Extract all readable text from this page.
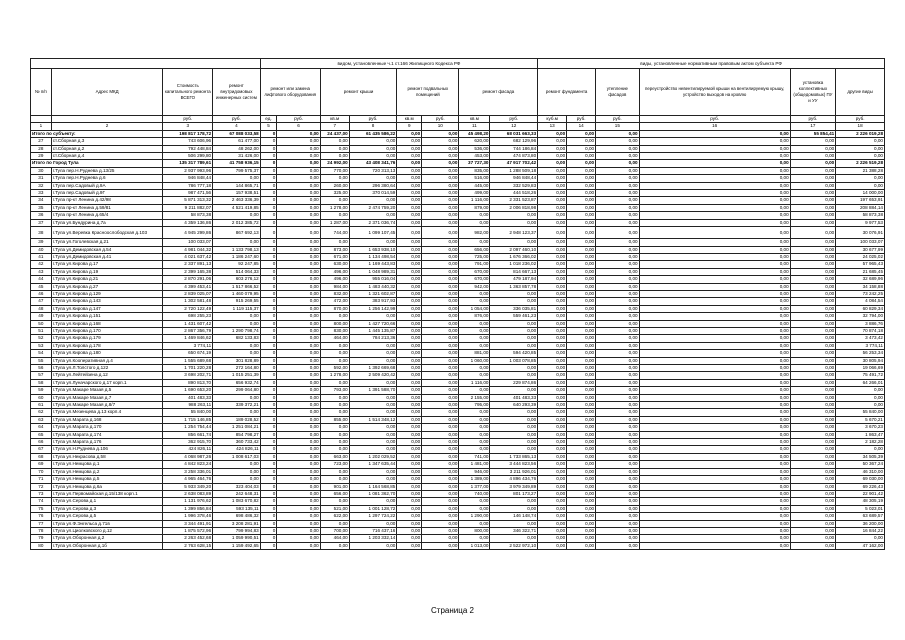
				видом, установленные ч.1 ст.166 Жилищного Кодекса РФ								виды, установленные нормативным правовым актом субъекта РФ					
№ п/п	Адрес МКД	Стоимость капитального ремонта ВСЕГО	ремонт внутридомовых инженерных систем	ремонт или замена лифтового оборудования		ремонт крыши		ремонт подвальных помещений		ремонт фасада		ремонт фундамента		утепление фасадов	переустройство невентилируемой крыши на вентилируемую крышу, устройство выходов на кровлю	установка коллективных (общедомовых) ПУ и УУ	другие виды
		руб.	руб.	ед.	руб.	кв.м	руб.	кв.м	руб.	кв.м	руб.	куб.м	руб.	руб.	руб.	руб.	руб.
1	2	3	4	5	6	7	8	9	10	11	12	13	14	15	16	17	18
Итого по субъекту:		198 817 178,72	67 088 033,58	0	0,00	24 437,00	61 435 586,22	0,00	0,00	45 498,20	68 031 663,33	0,00	0,00	0,00	0,00	55 854,41	2 226 019,28
27	ст.Сборная д.3	743 606,96	61 477,00	0	0,00	0,00	0,00	0,00	0,00	620,00	682 129,96	0,00	0,00	0,00	0,00	0,00	0,00
28	ст.Сборная д.2	792 448,84	48 262,00	0	0,00	0,00	0,00	0,00	0,00	536,00	744 186,84	0,00	0,00	0,00	0,00	0,00	0,00
29	ст.Сборная д.4	506 299,80	31 426,00	0	0,00	0,00	0,00	0,00	0,00	453,00	474 873,80	0,00	0,00	0,00	0,00	0,00	0,00
Итого по Город Тула		135 317 789,61	41 758 936,15	0	0,00	24 992,00	43 408 341,76	0,00	0,00	37 727,30	47 917 702,42	0,00	0,00	0,00	0,00	0,00	2 226 519,28
30	г.Тула пер.Н.Руднева д.13/25	2 937 993,96	799 575,37	0	0,00	770,00	720 313,13	0,00	0,00	835,00	1 288 509,18	0,00	0,00	0,00	0,00	0,00	21 388,28
31	г.Тула пер.Н.Руднева д.6	946 848,44	0,00	0	0,00	0,00	0,00	0,00	0,00	516,00	946 848,44	0,00	0,00	0,00	0,00	0,00	0,00
32	г.Тула пер.Садовый д.9А	786 777,18	144 865,71	0	0,00	260,00	296 380,64	0,00	0,00	445,00	332 529,83	0,00	0,00	0,00	0,00	0,00	0,00
33	г.Тула пер.Садовый д.9Г	987 471,56	157 938,51	0	0,00	325,00	370 014,59	0,00	0,00	499,00	444 518,26	0,00	0,00	0,00	0,00	0,00	14 000,00
34	г.Тула пр-кт Ленина д.42/98	5 871 313,32	2 463 336,39	0	0,00	0,00	0,00	0,00	0,00	1 116,00	2 331 523,87	0,00	0,00	0,00	0,00	0,00	197 653,91
35	г.Тула пр-кт Ленина д.59/81	9 211 882,07	4 521 419,85	0	0,00	1 278,00	2 474 759,20	0,00	0,00	879,00	2 006 818,98	0,00	0,00	0,00	0,00	0,00	208 884,14
36	г.Тула пр-кт Ленина д.65/4	58 873,38	0,00	0	0,00	0,00	0,00	0,00	0,00	0,00	0,00	0,00	0,00	0,00	0,00	0,00	58 873,38
37	г.Тула ул.Бундурина д.7а	4 359 136,86	2 012 385,72	0	0,00	1 287,00	2 371 036,74	0,00	0,00	0,00	0,00	0,00	0,00	0,00	0,00	0,00	9 977,53
38	г.Тула ул.Веревка Красноослободская д.103	4 945 299,86	867 692,13	0	0,00	744,00	1 099 107,45	0,00	0,00	982,00	2 948 123,37	0,00	0,00	0,00	0,00	0,00	30 076,91
39	г.Тула ул.Гоголевская д.21	100 033,07	0,00	0	0,00	0,00	0,00	0,00	0,00	0,00	0,00	0,00	0,00	0,00	0,00	0,00	100 033,07
40	г.Тула ул.Демидовская д.54	4 981 044,32	1 133 798,13	0	0,00	873,00	1 653 938,10	0,00	0,00	656,00	2 097 460,10	0,00	0,00	0,00	0,00	0,00	30 677,99
41	г.Тула ул.Демидовская д.41	4 021 637,42	1 186 247,60	0	0,00	671,00	1 134 498,54	0,00	0,00	725,00	1 676 366,02	0,00	0,00	0,00	0,00	0,00	24 025,02
42	г.Тула ул.Кирова д.17	2 337 891,13	92 247,85	0	0,00	630,00	1 169 443,83	0,00	0,00	791,00	1 018 236,02	0,00	0,00	0,00	0,00	0,00	57 965,43
43	г.Тула ул.Кирова д.19	2 399 165,38	514 064,33	0	0,00	496,00	1 048 989,31	0,00	0,00	670,00	814 667,13	0,00	0,00	0,00	0,00	0,00	21 685,45
44	г.Тула ул.Кирова д.21	2 870 291,06	603 276,12	0	0,00	496,00	955 016,04	0,00	0,00	670,00	479 187,94	0,00	0,00	0,00	0,00	0,00	32 689,96
45	г.Тула ул.Кирова д.27	4 399 453,41	1 517 866,52	0	0,00	984,00	1 483 440,32	0,00	0,00	942,00	1 363 857,78	0,00	0,00	0,00	0,00	0,00	34 158,88
46	г.Тула ул.Кирова д.129	2 839 025,07	1 460 079,95	0	0,00	832,00	1 321 602,87	0,00	0,00	0,00	0,00	0,00	0,00	0,00	0,00	0,00	73 242,25
47	г.Тула ул.Кирова д.143	1 302 581,48	915 269,55	0	0,00	472,00	383 917,93	0,00	0,00	0,00	0,00	0,00	0,00	0,00	0,00	0,00	4 084,54
48	г.Тула ул.Кирова д.147	2 720 122,49	1 119 115,37	0	0,00	870,00	1 256 142,99	0,00	0,00	1 054,00	336 035,81	0,00	0,00	0,00	0,00	0,00	60 829,34
49	г.Тула ул.Кирова д.151	698 255,23	0,00	0	0,00	0,00	0,00	0,00	0,00	876,00	559 461,23	0,00	0,00	0,00	0,00	0,00	32 794,00
50	г.Тула ул.Кирова д.168	1 431 607,42	0,00	0	0,00	800,00	1 427 720,66	0,00	0,00	0,00	0,00	0,00	0,00	0,00	0,00	0,00	3 886,76
51	г.Тула ул.Кирова д.170	2 867 356,79	1 290 798,74	0	0,00	830,00	1 445 135,87	0,00	0,00	0,00	0,00	0,00	0,00	0,00	0,00	0,00	70 874,18
52	г.Тула ул.Кирова д.179	1 469 846,62	682 133,83	0	0,00	464,00	784 213,36	0,00	0,00	0,00	0,00	0,00	0,00	0,00	0,00	0,00	3 473,42
53	г.Тула ул.Кирова д.178	3 774,11	0,00	0	0,00	0,00	0,00	0,00	0,00	0,00	0,00	0,00	0,00	0,00	0,00	0,00	3 774,11
54	г.Тула ул.Кирова д.180	650 674,19	0,00	0	0,00	0,00	0,00	0,00	0,00	881,00	594 420,85	0,00	0,00	0,00	0,00	0,00	56 253,34
55	г.Тула ул.Кооперативная д.4	1 555 689,68	301 828,89	0	0,00	0,00	0,00	0,00	0,00	1 060,00	1 003 078,85	0,00	0,00	0,00	0,00	0,00	30 805,94
56	г.Тула ул.Л.Толстого д.122	1 701 220,28	272 164,80	0	0,00	592,00	1 392 669,68	0,00	0,00	0,00	0,00	0,00	0,00	0,00	0,00	0,00	19 066,69
57	г.Тула ул.Лейтейзена д.12	3 698 202,71	1 015 251,39	0	0,00	1 278,00	2 509 420,42	0,00	0,00	0,00	0,00	0,00	0,00	0,00	0,00	0,00	75 491,72
58	г.Тула ул.Луначарского д.17 корп.1	890 813,70	656 932,74	0	0,00	0,00	0,00	0,00	0,00	1 116,00	229 874,86	0,00	0,00	0,00	0,00	0,00	64 266,01
59	г.Тула ул.Макаре Мазая д.5	1 690 653,20	299 064,80	0	0,00	793,00	1 391 588,70	0,00	0,00	0,00	0,00	0,00	0,00	0,00	0,00	0,00	0,00
60	г.Тула ул.Макаре Мазая д.7	401 483,33	0,00	0	0,00	0,00	0,00	0,00	0,00	2 155,00	401 483,33	0,00	0,00	0,00	0,00	0,00	0,00
61	г.Тула ул.Макаре Мазая д.8/7	988 263,11	339 372,21	0	0,00	0,00	0,00	0,00	0,00	795,00	640 293,39	0,00	0,00	0,00	0,00	0,00	0,00
62	г.Тула ул.Мезенцева д.13 корп.4	55 840,00	0,00	0	0,00	0,00	0,00	0,00	0,00	0,00	0,00	0,00	0,00	0,00	0,00	0,00	55 840,00
63	г.Тула ул.Марата д.168	1 715 146,85	189 028,52	0	0,00	855,00	1 514 348,12	0,00	0,00	0,00	0,00	0,00	0,00	0,00	0,00	0,00	5 670,21
64	г.Тула ул.Марата д.170	1 254 754,44	1 251 084,21	0	0,00	0,00	0,00	0,00	0,00	0,00	0,00	0,00	0,00	0,00	0,00	0,00	3 670,23
65	г.Тула ул.Марата д.174	856 661,74	854 798,27	0	0,00	0,00	0,00	0,00	0,00	0,00	0,00	0,00	0,00	0,00	0,00	0,00	1 863,47
66	г.Тула ул.Марата д.176	362 915,70	360 733,42	0	0,00	0,00	0,00	0,00	0,00	0,00	0,00	0,00	0,00	0,00	0,00	0,00	2 182,28
67	г.Тула ул.Н.Руднева д.106	424 826,11	424 826,11	0	0,00	0,00	0,00	0,00	0,00	0,00	0,00	0,00	0,00	0,00	0,00	0,00	0,00
68	г.Тула ул.Некрасова д.58	4 068 987,26	1 008 617,03	0	0,00	663,00	1 202 029,52	0,00	0,00	741,00	1 733 865,13	0,00	0,00	0,00	0,00	0,00	34 505,39
69	г.Тула ул.Немцова д.1	4 842 823,24	0,00	0	0,00	723,00	1 347 635,44	0,00	0,00	1 481,00	3 444 823,56	0,00	0,00	0,00	0,00	0,00	50 367,24
70	г.Тула ул.Немцова д.2	3 258 336,01	0,00	0	0,00	0,00	0,00	0,00	0,00	946,00	3 211 926,01	0,00	0,00	0,00	0,00	0,00	46 310,00
71	г.Тула ул.Немцова д.5	4 965 464,76	0,00	0	0,00	0,00	0,00	0,00	0,00	1 389,00	4 896 434,76	0,00	0,00	0,00	0,00	0,00	69 030,00
72	г.Тула ул.Немцова д.6а	5 933 349,20	323 404,03	0	0,00	901,00	1 164 568,85	0,00	0,00	1 377,00	3 979 349,89	0,00	0,00	0,00	0,00	0,00	69 226,43
73	г.Тула ул.Первомайская д.15/138 корп.1	2 638 083,89	242 648,31	0	0,00	656,00	1 081 362,70	0,00	0,00	740,00	801 173,27	0,00	0,00	0,00	0,00	0,00	22 901,42
74	г.Тула ул.Серова д.1	1 131 976,62	1 083 670,82	0	0,00	0,00	0,00	0,00	0,00	0,00	0,00	0,00	0,00	0,00	0,00	0,00	48 305,19
75	г.Тула ул.Серова д.3	1 399 856,84	593 135,11	0	0,00	521,00	1 001 128,72	0,00	0,00	0,00	0,00	0,00	0,00	0,00	0,00	0,00	5 023,01
76	г.Тула ул.Серова д.5	1 996 378,46	698 486,32	0	0,00	622,00	1 297 724,22	0,00	0,00	1 290,00	146 148,74	0,00	0,00	0,00	0,00	0,00	63 689,57
77	г.Тула ул.Ф.Энгельса д.71в	3 344 491,91	3 208 281,91	0	0,00	0,00	0,00	0,00	0,00	0,00	0,00	0,00	0,00	0,00	0,00	0,00	36 200,00
78	г.Тула ул.Циолковского д.12	1 875 572,96	799 994,83	0	0,00	700,00	716 437,16	0,00	0,00	800,00	346 322,71	0,00	0,00	0,00	0,00	0,00	16 844,22
79	г.Тула ул.Оборонная д.2	2 263 452,68	1 059 990,51	0	0,00	464,00	1 203 332,14	0,00	0,00	0,00	0,00	0,00	0,00	0,00	0,00	0,00	0,00
80	г.Тула ул.Оборонная д.1б	2 763 628,15	1 159 492,65	0	0,00	0,00	0,00	0,00	0,00	1 013,00	2 522 972,10	0,00	0,00	0,00	0,00	0,00	47 162,00
Страница 2
